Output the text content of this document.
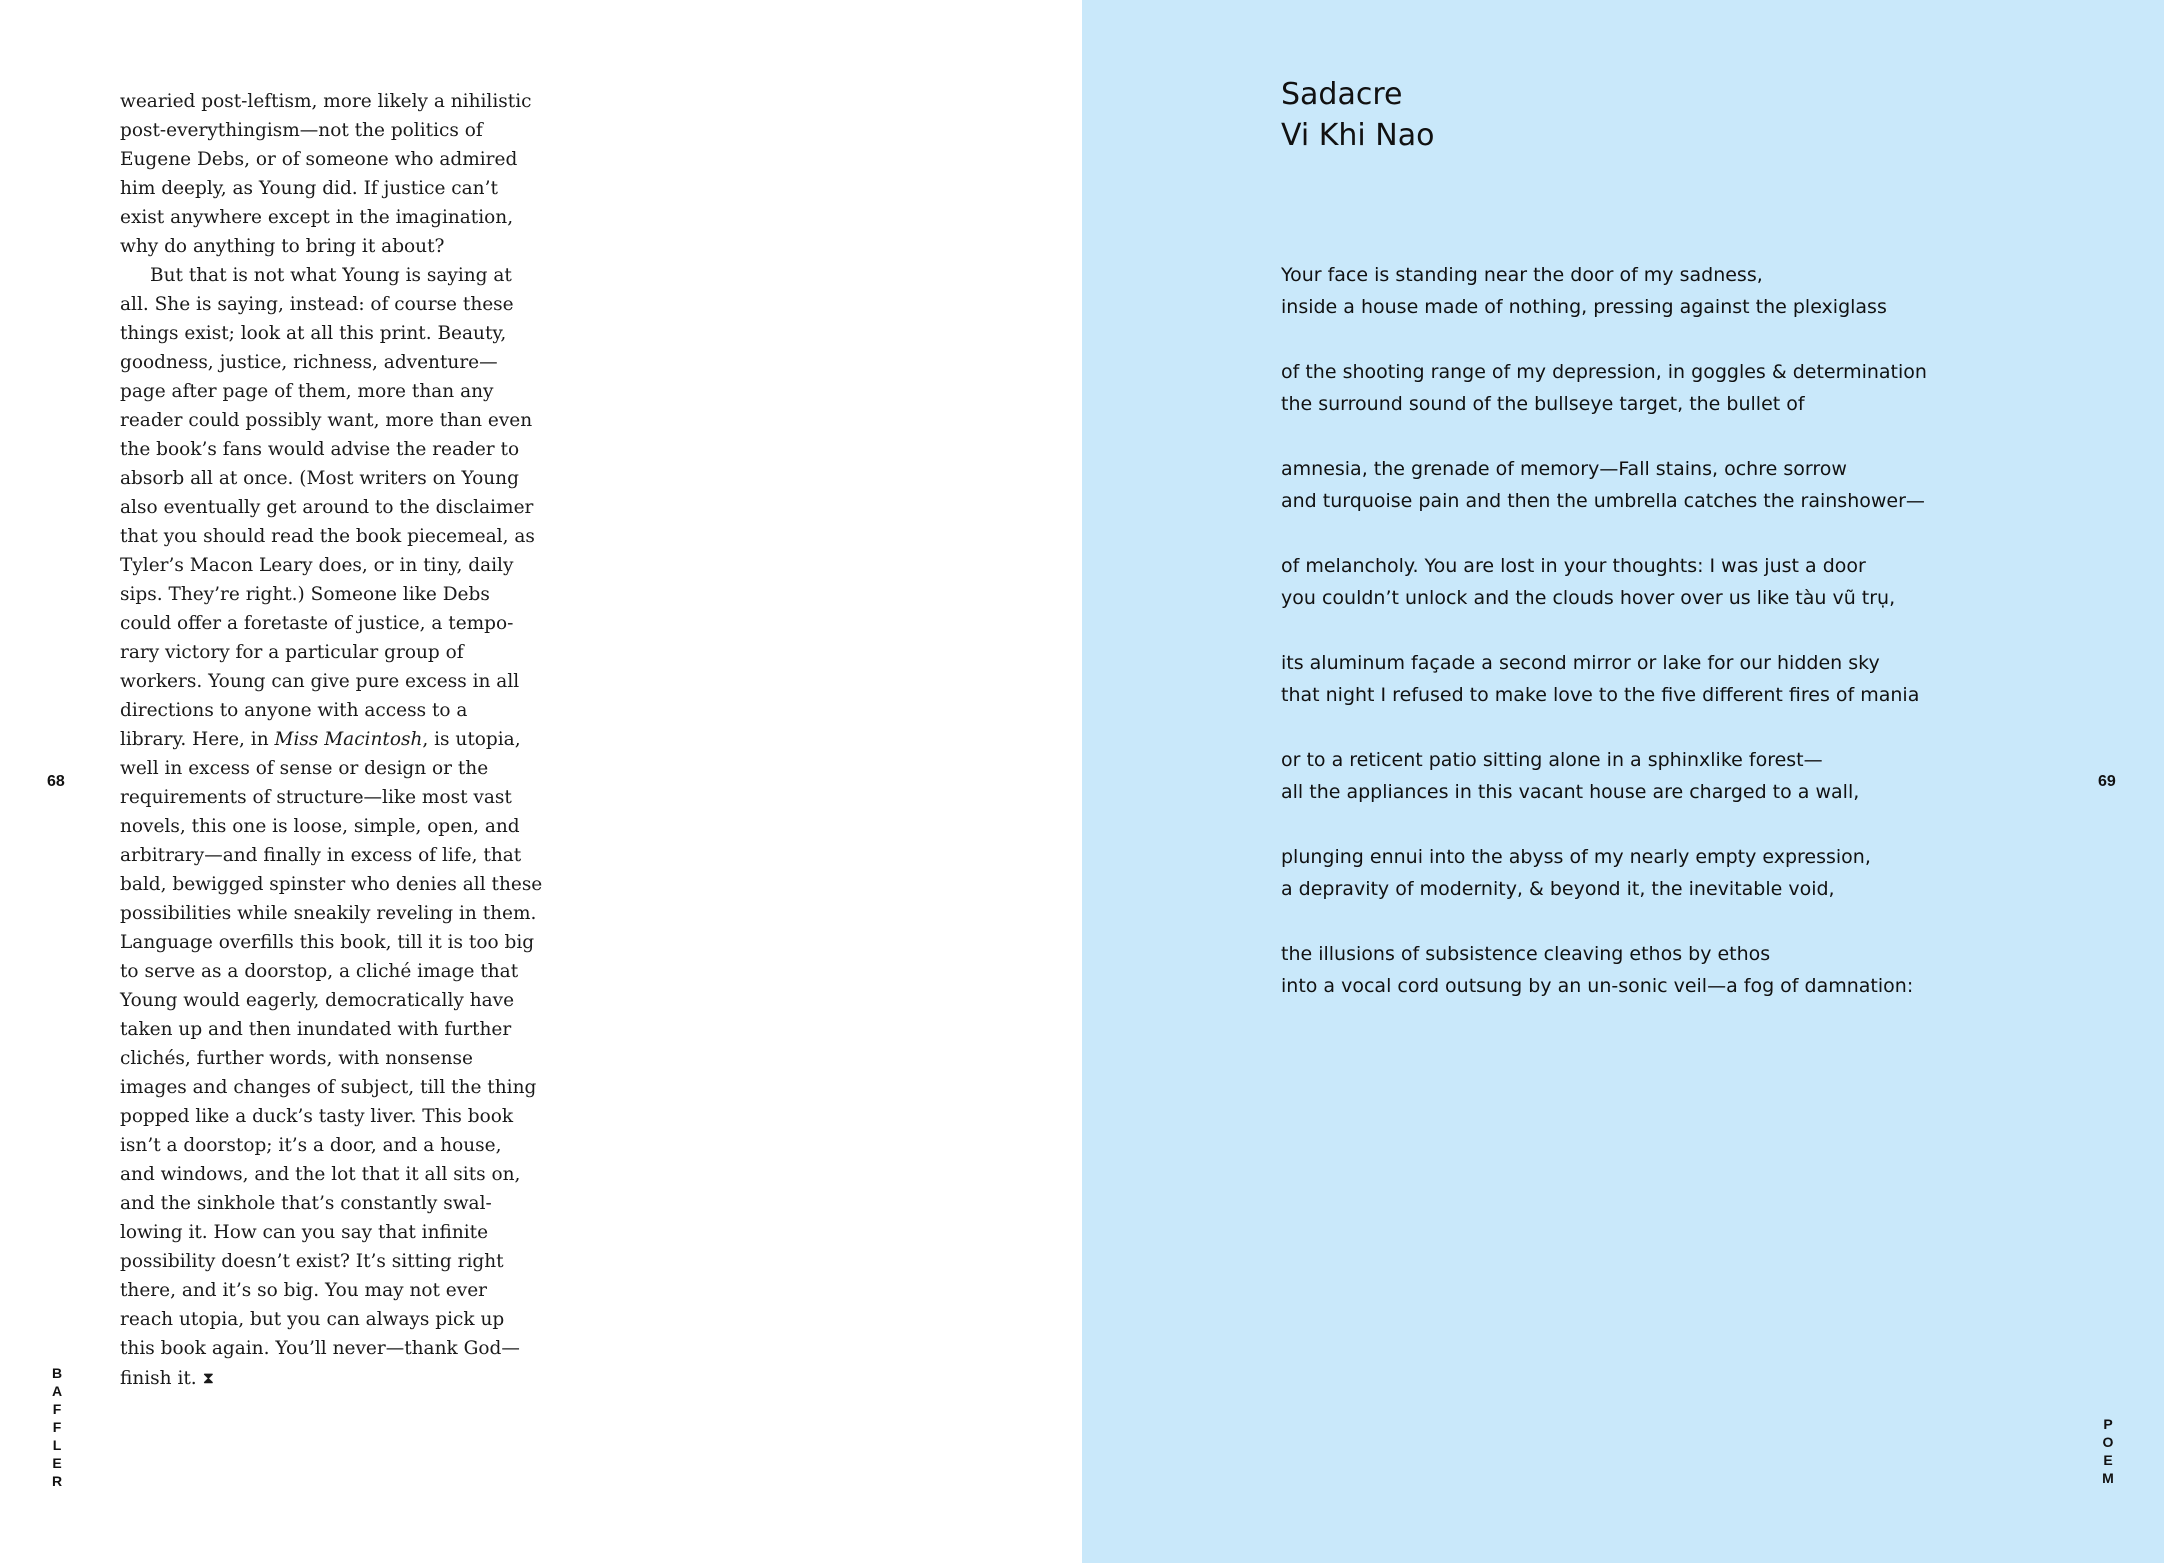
68	69
B
A
F
F
L
E
R
P
O
E
M
wearied post-leftism, more likely a nihilistic
post-everythingism—not the politics of
Eugene Debs, or of someone who admired
him deeply, as Young did. If justice can’t
exist anywhere except in the imagination,
why do anything to bring it about?
But that is not what Young is saying at
all. She is saying, instead: of course these
things exist; look at all this print. Beauty,
goodness, justice, richness, adventure—
page after page of them, more than any
reader could possibly want, more than even
the book’s fans would advise the reader to
absorb all at once. (Most writers on Young
also eventually get around to the disclaimer
that you should read the book piecemeal, as
Tyler’s Macon Leary does, or in tiny, daily
sips. They’re right.) Someone like Debs
could offer a foretaste of justice, a tempo-
rary victory for a particular group of
workers. Young can give pure excess in all
directions to anyone with access to a
library. Here, in Miss Macintosh, is utopia,
well in excess of sense or design or the
requirements of structure—like most vast
novels, this one is loose, simple, open, and
arbitrary—and finally in excess of life, that
bald, bewigged spinster who denies all these
possibilities while sneakily reveling in them.
Language overfills this book, till it is too big
to serve as a doorstop, a cliché image that
Young would eagerly, democratically have
taken up and then inundated with further
clichés, further words, with nonsense
images and changes of subject, till the thing
popped like a duck’s tasty liver. This book
isn’t a doorstop; it’s a door, and a house,
and windows, and the lot that it all sits on,
and the sinkhole that’s constantly swal-
lowing it. How can you say that infinite
possibility doesn’t exist? It’s sitting right
there, and it’s so big. You may not ever
reach utopia, but you can always pick up
this book again. You’ll never—thank God—
finish it. ⧗
Sadacre
Vi Khi Nao
Your face is standing near the door of my sadness,
inside a house made of nothing, pressing against the plexiglass
of the shooting range of my depression, in goggles & determination
the surround sound of the bullseye target, the bullet of
amnesia, the grenade of memory—Fall stains, ochre sorrow
and turquoise pain and then the umbrella catches the rainshower—
of melancholy. You are lost in your thoughts: I was just a door
you couldn’t unlock and the clouds hover over us like tàu vũ trụ,
its aluminum façade a second mirror or lake for our hidden sky
that night I refused to make love to the five different fires of mania
or to a reticent patio sitting alone in a sphinxlike forest—
all the appliances in this vacant house are charged to a wall,
plunging ennui into the abyss of my nearly empty expression,
a depravity of modernity, & beyond it, the inevitable void,
the illusions of subsistence cleaving ethos by ethos
into a vocal cord outsung by an un-sonic veil—a fog of damnation:
